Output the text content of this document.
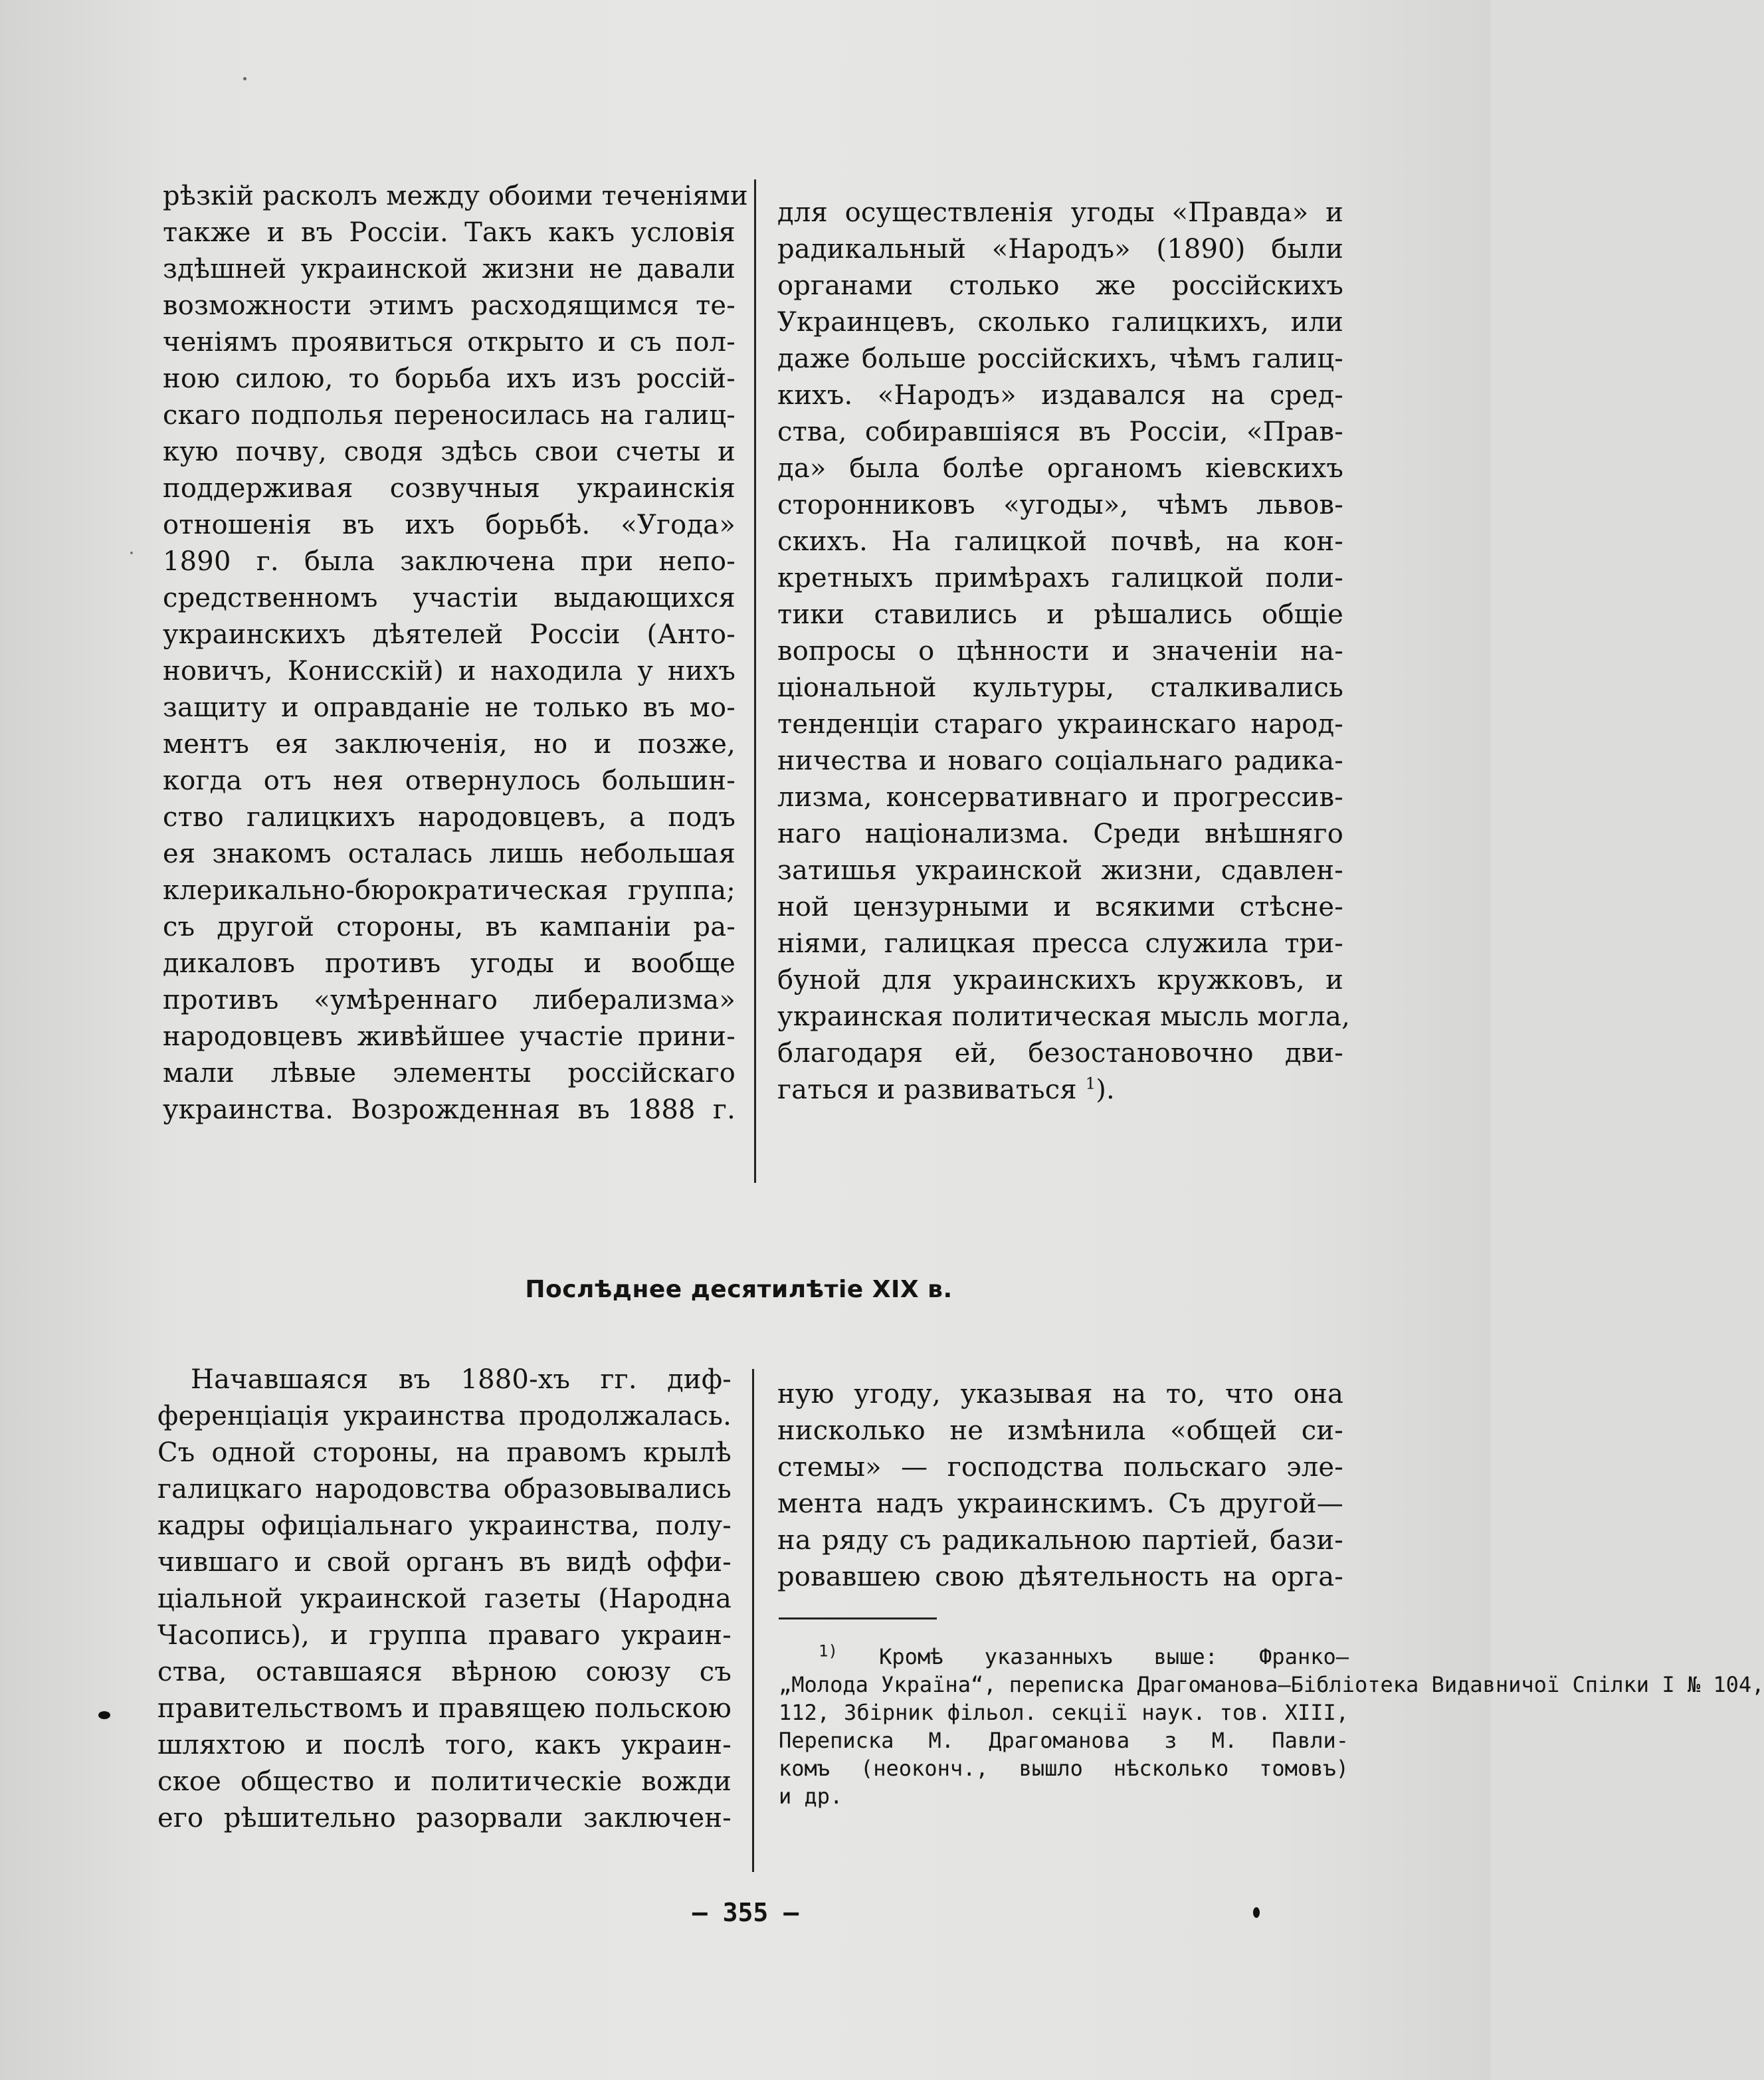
рѣзкій расколъ между обоими теченіями
также и въ Россіи. Такъ какъ условія
здѣшней украинской жизни не давали
возможности этимъ расходящимся те-
ченіямъ проявиться открыто и съ пол-
ною силою, то борьба ихъ изъ россій-
скаго подполья переносилась на галиц-
кую почву, сводя здѣсь свои счеты и
поддерживая созвучныя украинскія
отношенія въ ихъ борьбѣ. «Угода»
1890 г. была заключена при непо-
средственномъ участіи выдающихся
украинскихъ дѣятелей Россіи (Анто-
новичъ, Конисскій) и находила у нихъ
защиту и оправданіе не только въ мо-
ментъ ея заключенія, но и позже,
когда отъ нея отвернулось большин-
ство галицкихъ народовцевъ, а подъ
ея знакомъ осталась лишь небольшая
клерикально-бюрократическая группа;
съ другой стороны, въ кампаніи ра-
дикаловъ противъ угоды и вообще
противъ «умѣреннаго либерализма»
народовцевъ живѣйшее участіе прини-
мали лѣвые элементы россійскаго
украинства. Возрожденная въ 1888 г.
для осуществленія угоды «Правда» и
радикальный «Народъ» (1890) были
органами столько же россійскихъ
Украинцевъ, сколько галицкихъ, или
даже больше россійскихъ, чѣмъ галиц-
кихъ. «Народъ» издавался на сред-
ства, собиравшіяся въ Россіи, «Прав-
да» была болѣе органомъ кіевскихъ
сторонниковъ «угоды», чѣмъ львов-
скихъ. На галицкой почвѣ, на кон-
кретныхъ примѣрахъ галицкой поли-
тики ставились и рѣшались общіе
вопросы о цѣнности и значеніи на-
ціональной культуры, сталкивались
тенденціи стараго украинскаго народ-
ничества и новаго соціальнаго радика-
лизма, консервативнаго и прогрессив-
наго націонализма. Среди внѣшняго
затишья украинской жизни, сдавлен-
ной цензурными и всякими стѣсне-
ніями, галицкая пресса служила три-
буной для украинскихъ кружковъ, и
украинская политическая мысль могла,
благодаря ей, безостановочно дви-
гаться и развиваться $^1$).
Послѣднее десятилѣтіе XIX в.
Начавшаяся въ 1880-хъ гг. диф-
ференціація украинства продолжалась.
Съ одной стороны, на правомъ крылѣ
галицкаго народовства образовывались
кадры офиціальнаго украинства, полу-
чившаго и свой органъ въ видѣ оффи-
ціальной украинской газеты (Народна
Часопись), и группа праваго украин-
ства, оставшаяся вѣрною союзу съ
правительствомъ и правящею польскою
шляхтою и послѣ того, какъ украин-
ское общество и политическіе вожди
его рѣшительно разорвали заключен-
ную угоду, указывая на то, что она
нисколько не измѣнила «общей си-
стемы» — господства польскаго эле-
мента надъ украинскимъ. Съ другой—
на ряду съ радикальною партіей, бази-
ровавшею свою дѣятельность на орга-
$^{1)}$ Кромѣ указанныхъ выше: Франко—
„Молода Україна“, переписка Драгоманова—Бібліотека Видавничої Спілки І № 104,
112, Збірник фільол. секції наук. тов. ХІІІ,
Переписка М. Драгоманова з М. Павли-
комъ (неоконч., вышло нѣсколько томовъ)
и др.
— 355 —
